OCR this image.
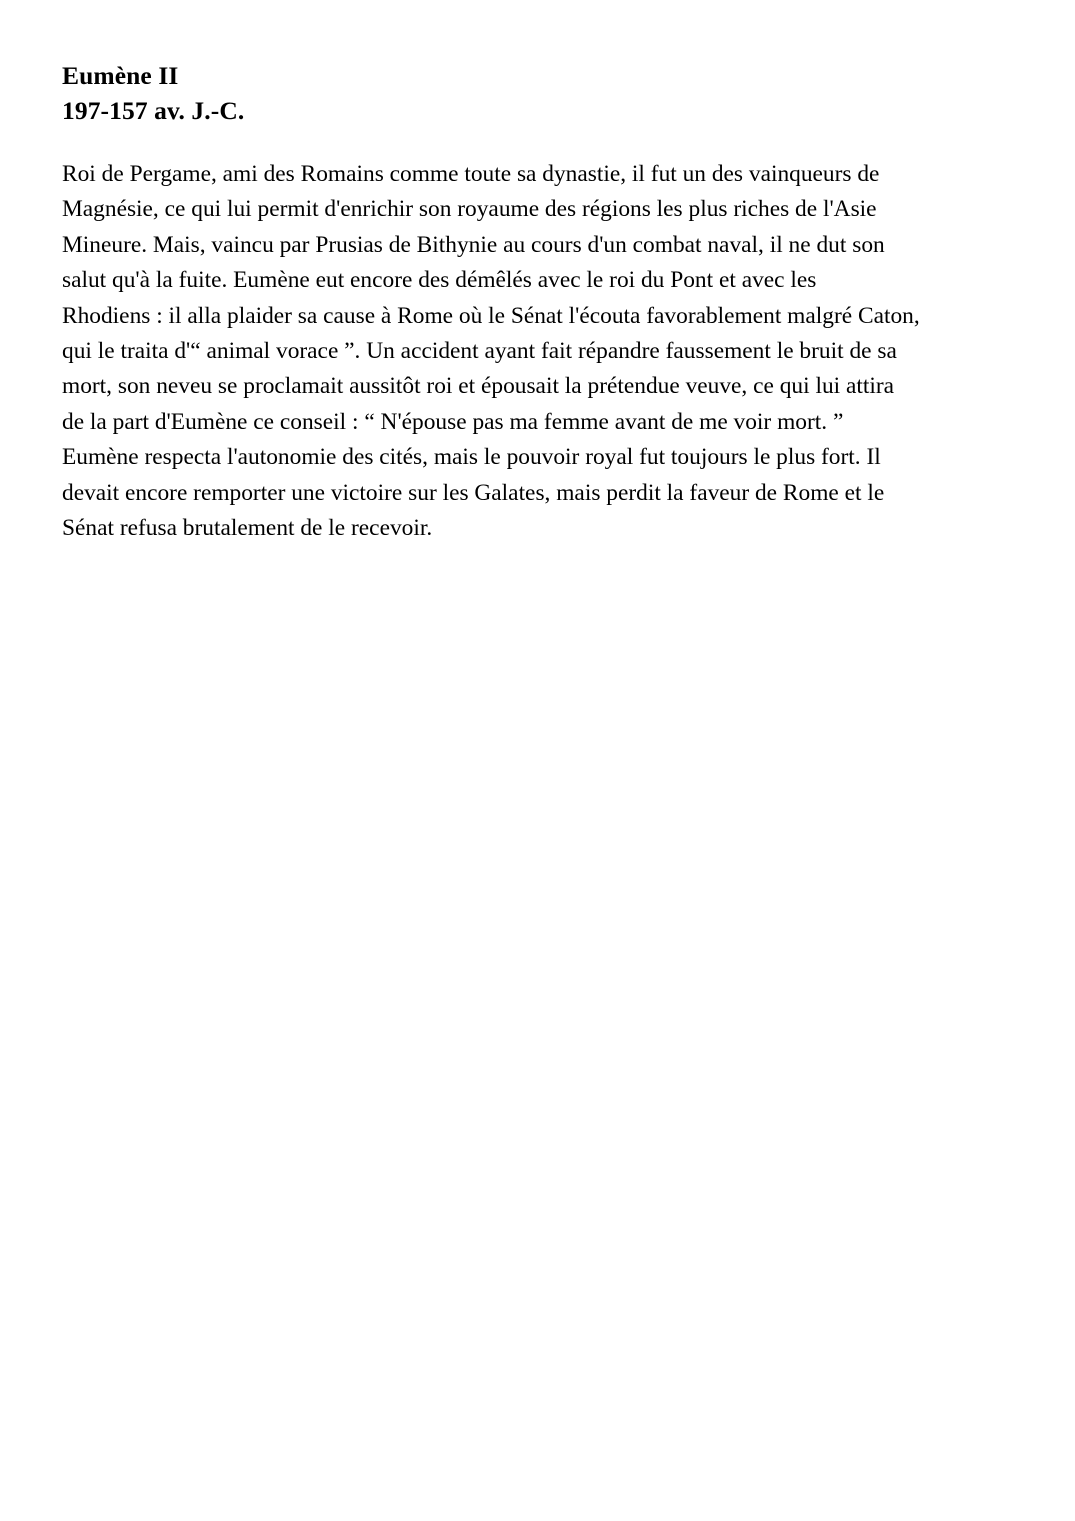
Eumène II
197-157 av. J.-C.
Roi de Pergame, ami des Romains comme toute sa dynastie, il fut un des vainqueurs de
Magnésie, ce qui lui permit d'enrichir son royaume des régions les plus riches de l'Asie
Mineure. Mais, vaincu par Prusias de Bithynie au cours d'un combat naval, il ne dut son
salut qu'à la fuite. Eumène eut encore des démêlés avec le roi du Pont et avec les
Rhodiens : il alla plaider sa cause à Rome où le Sénat l'écouta favorablement malgré Caton,
qui le traita d'“ animal vorace ”. Un accident ayant fait répandre faussement le bruit de sa
mort, son neveu se proclamait aussitôt roi et épousait la prétendue veuve, ce qui lui attira
de la part d'Eumène ce conseil : “ N'épouse pas ma femme avant de me voir mort. ”
Eumène respecta l'autonomie des cités, mais le pouvoir royal fut toujours le plus fort. Il
devait encore remporter une victoire sur les Galates, mais perdit la faveur de Rome et le
Sénat refusa brutalement de le recevoir.
